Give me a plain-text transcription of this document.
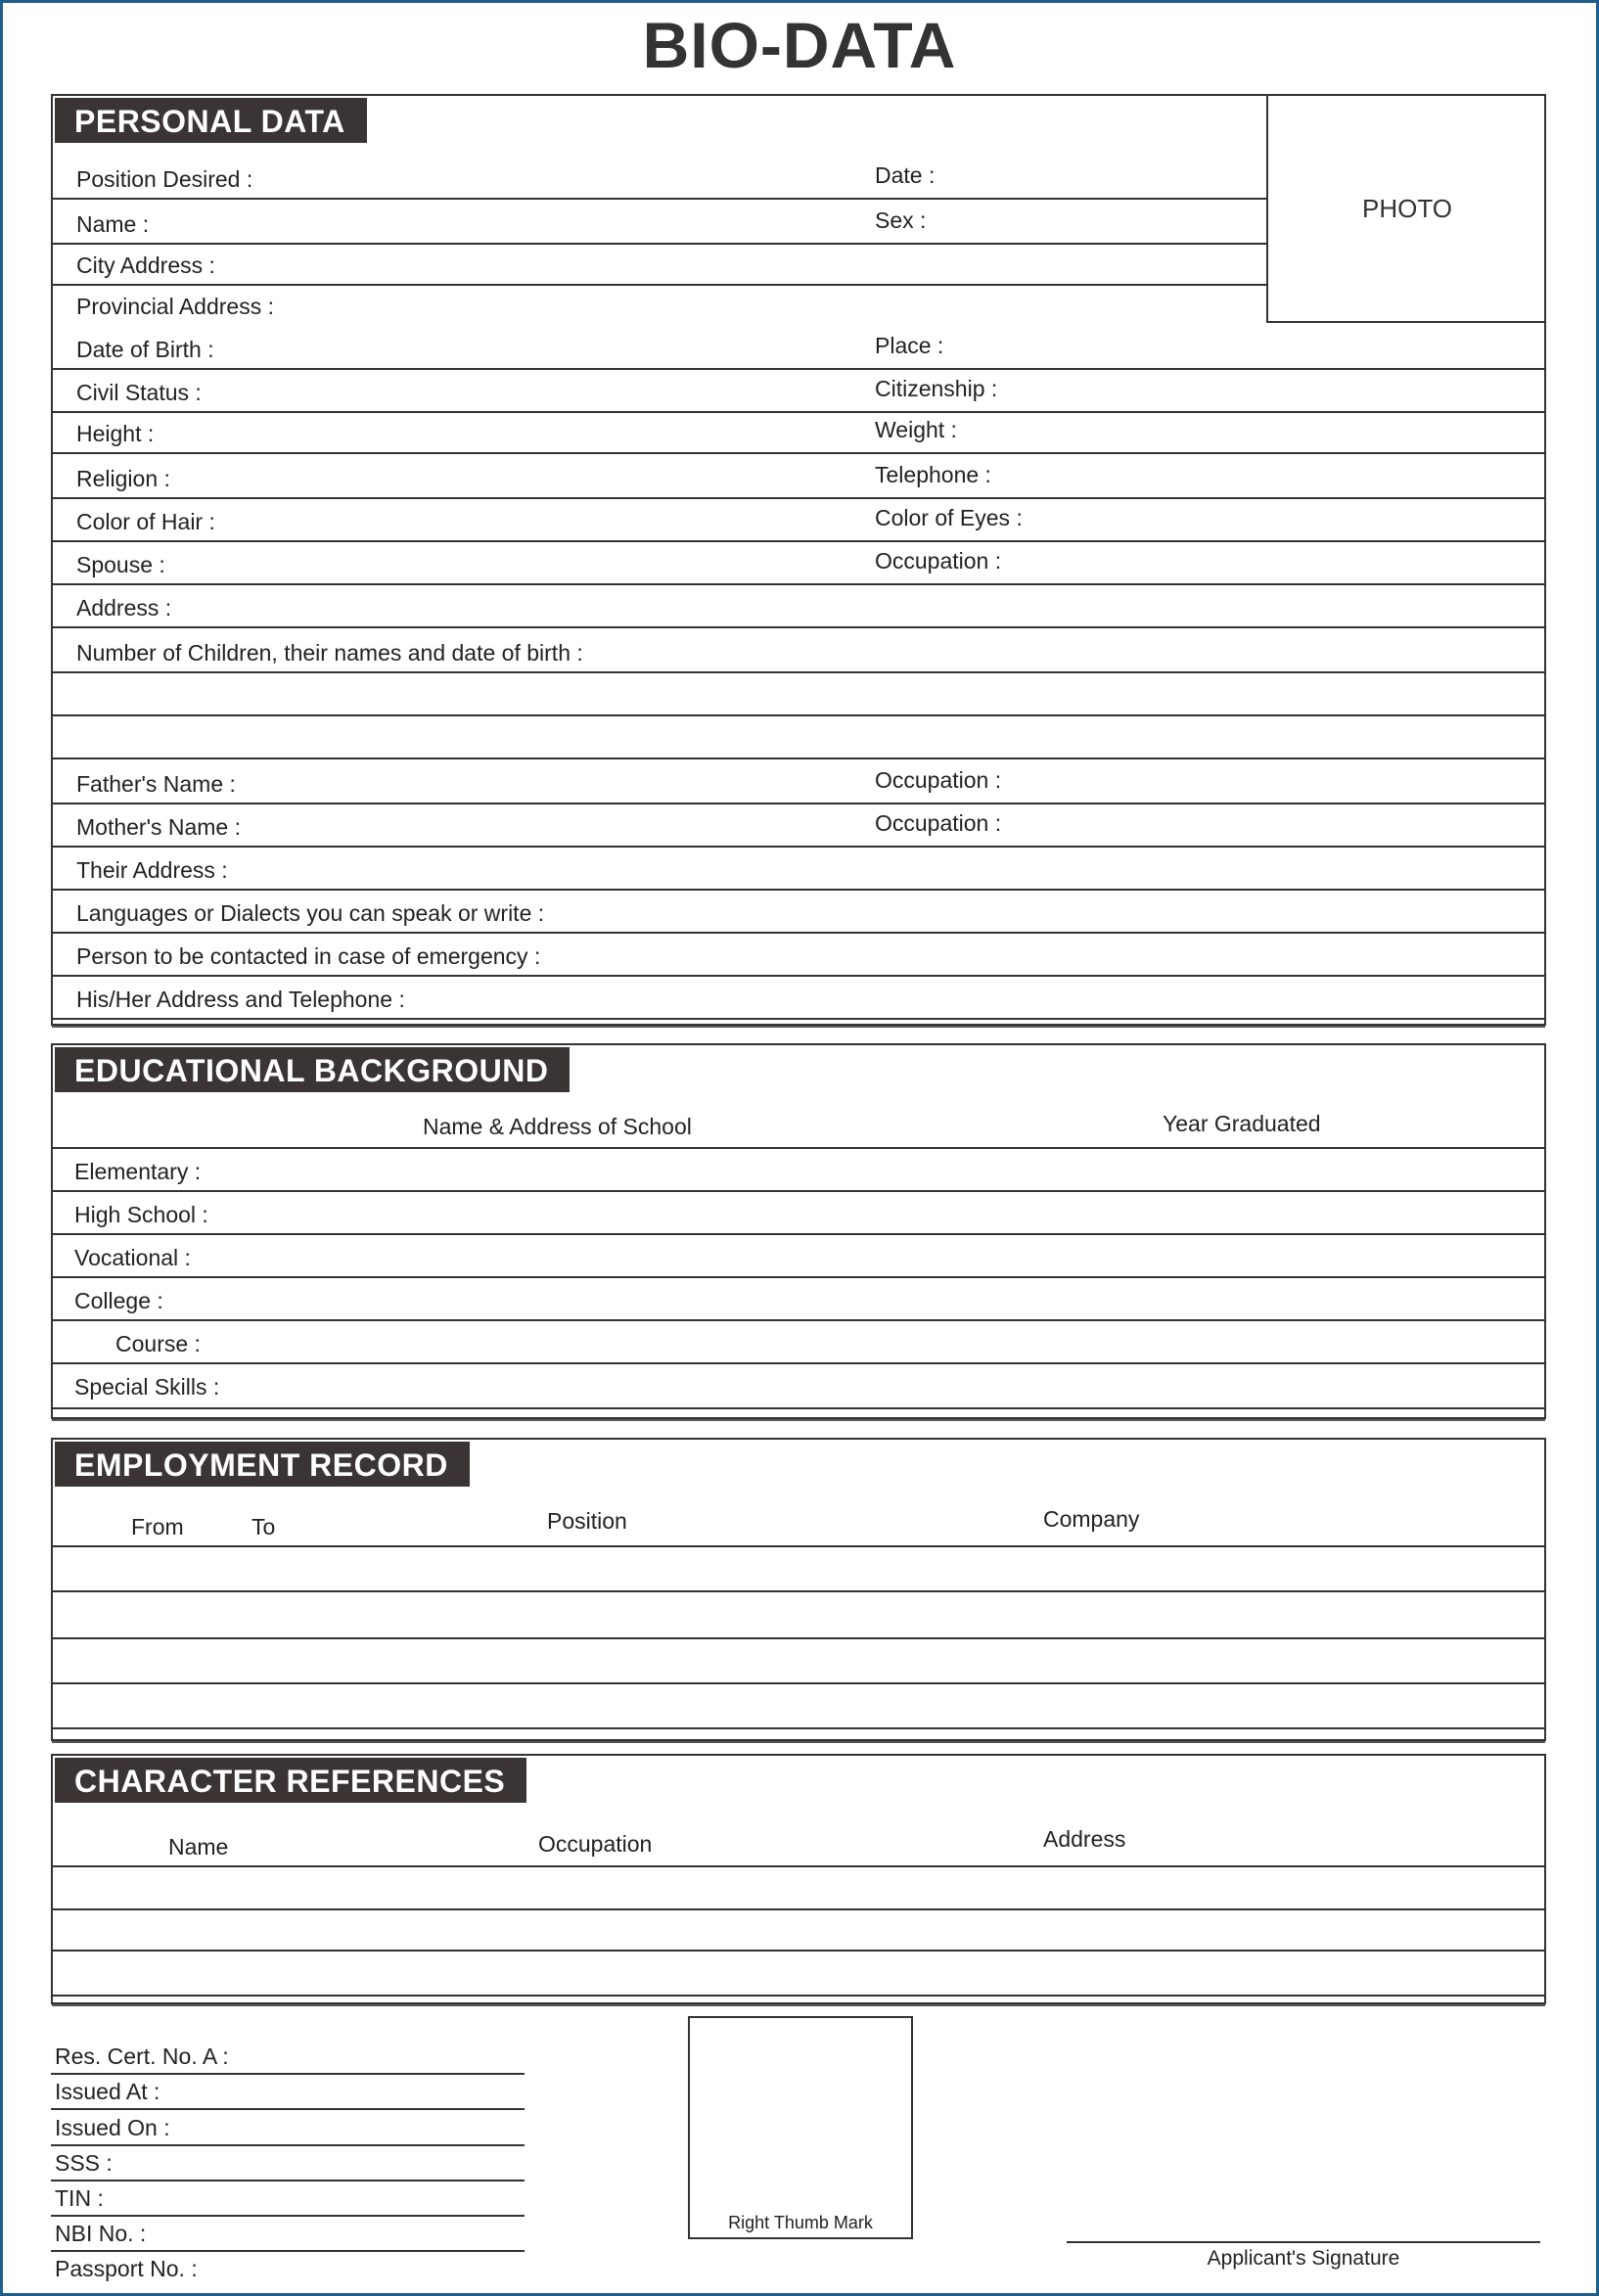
BIO-DATA
PERSONAL DATA
PHOTO
Position Desired :	Date :
Name :	Sex :
City Address :
Provincial Address :
Date of Birth :	Place :
Civil Status :	Citizenship :
Height :	Weight :
Religion :	Telephone :
Color of Hair :	Color of Eyes :
Spouse :	Occupation :
Address :
Number of Children, their names and date of birth :
Father's Name :	Occupation :
Mother's Name :	Occupation :
Their Address :
Languages or Dialects you can speak or write :
Person to be contacted in case of emergency :
His/Her Address and Telephone :
EDUCATIONAL BACKGROUND
Name & Address of School	Year Graduated
Elementary :
High School :
Vocational :
College :
Course :
Special Skills :
EMPLOYMENT RECORD
From	To	Position	Company
CHARACTER REFERENCES
Name	Occupation	Address
Res. Cert. No. A :
Issued At :
Issued On :
SSS :
TIN :
NBI No. :
Passport No. :
Right Thumb Mark
Applicant's Signature
